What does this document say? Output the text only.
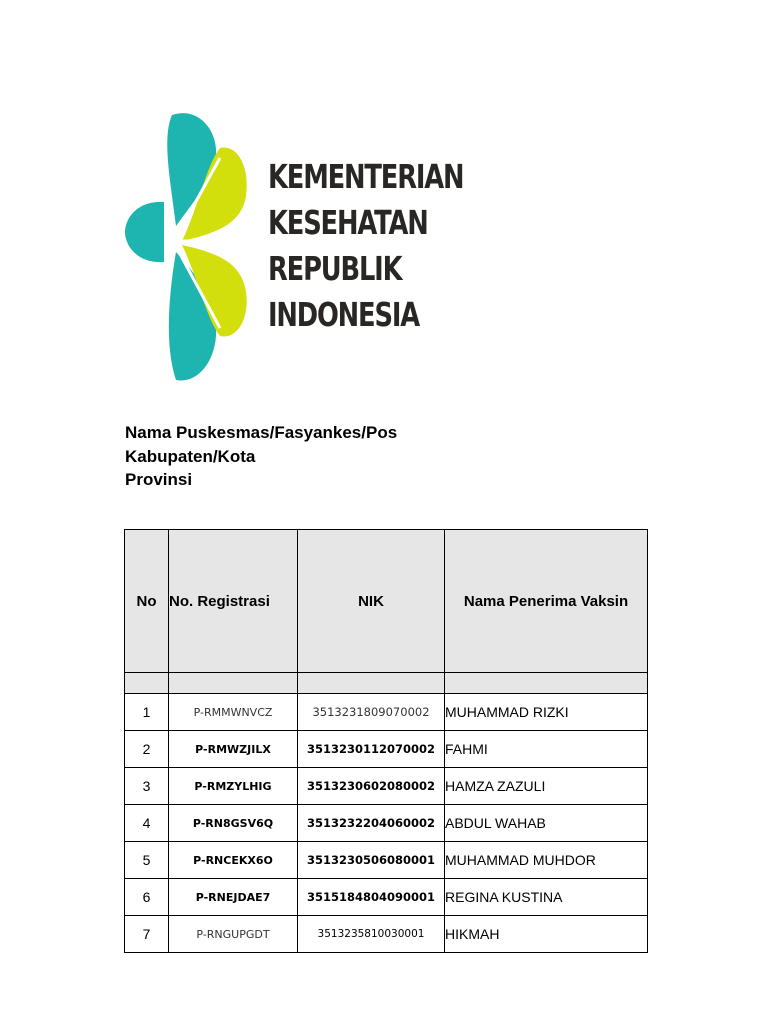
KEMENTERIAN
KESEHATAN
REPUBLIK
INDONESIA
Nama Puskesmas/Fasyankes/Pos
Kabupaten/Kota
Provinsi
No	No. Registrasi	NIK	Nama Penerima Vaksin

1	P-RMMWNVCZ	3513231809070002	MUHAMMAD RIZKI
2	P-RMWZJILX	3513230112070002	FAHMI
3	P-RMZYLHIG	3513230602080002	HAMZA ZAZULI
4	P-RN8GSV6Q	3513232204060002	ABDUL WAHAB
5	P-RNCEKX6O	3513230506080001	MUHAMMAD MUHDOR
6	P-RNEJDAE7	3515184804090001	REGINA KUSTINA
7	P-RNGUPGDT	3513235810030001	HIKMAH
